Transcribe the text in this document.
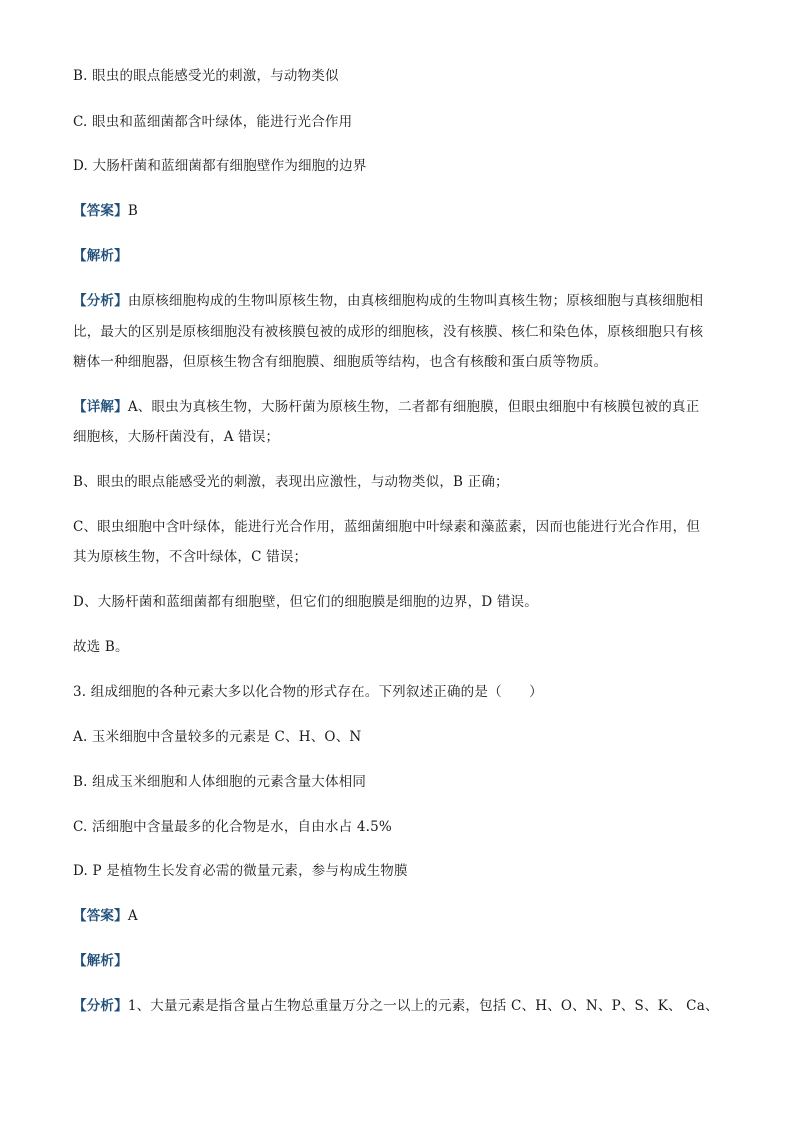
B. 眼虫的眼点能感受光的刺激，与动物类似
C. 眼虫和蓝细菌都含叶绿体，能进行光合作用
D. 大肠杆菌和蓝细菌都有细胞壁作为细胞的边界
【答案】B
【解析】
【分析】由原核细胞构成的生物叫原核生物，由真核细胞构成的生物叫真核生物；原核细胞与真核细胞相
比，最大的区别是原核细胞没有被核膜包被的成形的细胞核，没有核膜、核仁和染色体，原核细胞只有核
糖体一种细胞器，但原核生物含有细胞膜、细胞质等结构，也含有核酸和蛋白质等物质。
【详解】A、眼虫为真核生物，大肠杆菌为原核生物，二者都有细胞膜，但眼虫细胞中有核膜包被的真正
细胞核，大肠杆菌没有，A 错误；
B、眼虫的眼点能感受光的刺激，表现出应激性，与动物类似，B 正确；
C、眼虫细胞中含叶绿体，能进行光合作用，蓝细菌细胞中叶绿素和藻蓝素，因而也能进行光合作用，但
其为原核生物，不含叶绿体，C 错误；
D、大肠杆菌和蓝细菌都有细胞壁，但它们的细胞膜是细胞的边界，D 错误。
故选 B。
3. 组成细胞的各种元素大多以化合物的形式存在。下列叙述正确的是（　　）
A. 玉米细胞中含量较多的元素是 C、H、O、N
B. 组成玉米细胞和人体细胞的元素含量大体相同
C. 活细胞中含量最多的化合物是水，自由水占 4.5%
D. P 是植物生长发育必需的微量元素，参与构成生物膜
【答案】A
【解析】
【分析】1、大量元素是指含量占生物总重量万分之一以上的元素，包括 C、H、O、N、P、S、K、 Ca、
